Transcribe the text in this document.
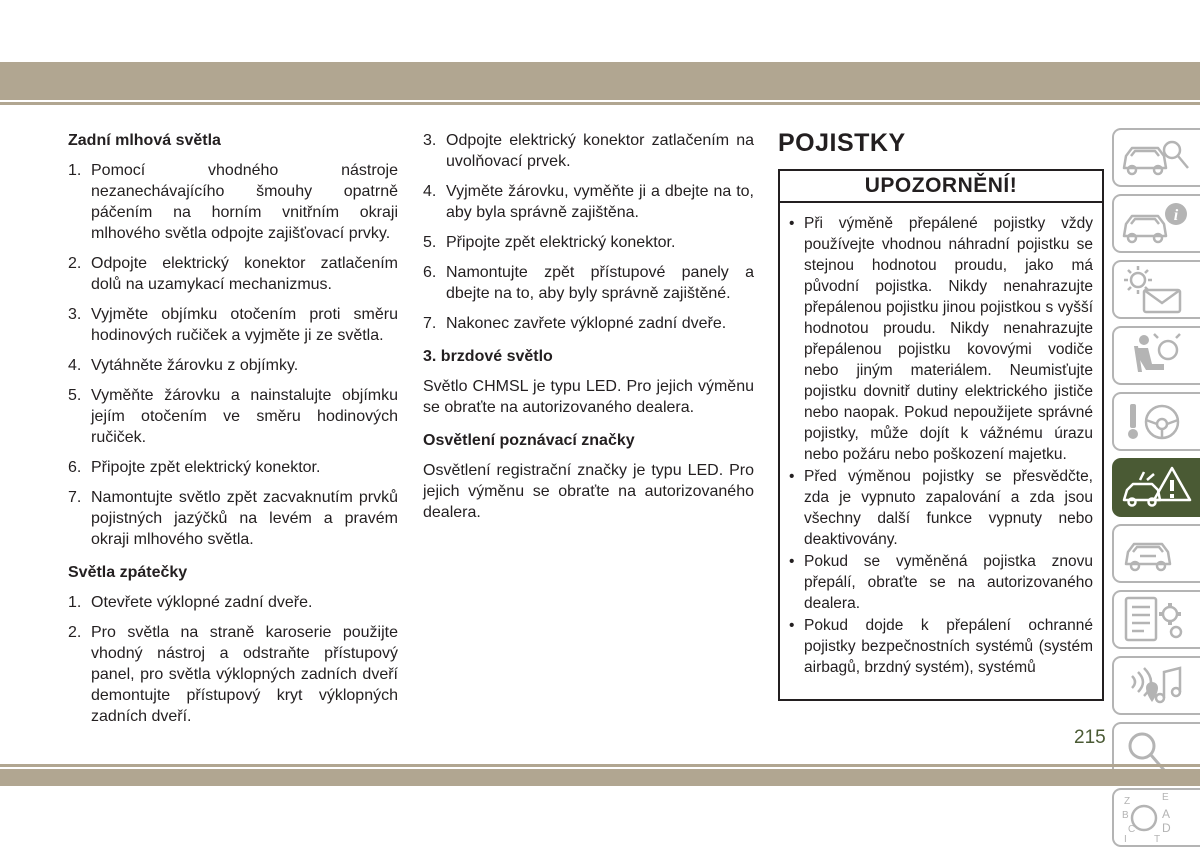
Zadní mlhová světla
1. Pomocí vhodného nástroje nezanechávajícího šmouhy opatrně páčením na horním vnitřním okraji mlhového světla odpojte zajišťovací prvky.
2. Odpojte elektrický konektor zatlačením dolů na uzamykací mechanizmus.
3. Vyjměte objímku otočením proti směru hodinových ručiček a vyjměte ji ze světla.
4. Vytáhněte žárovku z objímky.
5. Vyměňte žárovku a nainstalujte objímku jejím otočením ve směru hodinových ručiček.
6. Připojte zpět elektrický konektor.
7. Namontujte světlo zpět zacvaknutím prvků pojistných jazýčků na levém a pravém okraji mlhového světla.
Světla zpátečky
1. Otevřete výklopné zadní dveře.
2. Pro světla na straně karoserie použijte vhodný nástroj a odstraňte přístupový panel, pro světla výklopných zadních dveří demontujte přístupový kryt výklopných zadních dveří.
3. Odpojte elektrický konektor zatlačením na uvolňovací prvek.
4. Vyjměte žárovku, vyměňte ji a dbejte na to, aby byla správně zajištěna.
5. Připojte zpět elektrický konektor.
6. Namontujte zpět přístupové panely a dbejte na to, aby byly správně zajištěné.
7. Nakonec zavřete výklopné zadní dveře.
3. brzdové světlo

Světlo CHMSL je typu LED. Pro jejich výměnu se obraťte na autorizovaného dealera.

Osvětlení poznávací značky

Osvětlení registrační značky je typu LED. Pro jejich výměnu se obraťte na autorizovaného dealera.

POJISTKY
UPOZORNĚNÍ!
• Při výměně přepálené pojistky vždy používejte vhodnou náhradní pojistku se stejnou hodnotou proudu, jako má původní pojistka. Nikdy nenahrazujte přepálenou pojistku jinou pojistkou s vyšší hodnotou proudu. Nikdy nenahrazujte přepálenou pojistku kovovými vodiče nebo jiným materiálem. Neumisťujte pojistku dovnitř dutiny elektrického jističe nebo naopak. Pokud nepoužijete správné pojistky, může dojít k vážnému úrazu nebo požáru nebo poškození majetku.
• Před výměnou pojistky se přesvědčte, zda je vypnuto zapalování a zda jsou všechny další funkce vypnuty nebo deaktivovány.
• Pokud se vyměněná pojistka znovu přepálí, obraťte se na autorizovaného dealera.
• Pokud dojde k přepálení ochranné pojistky bezpečnostních systémů (systém airbagů, brzdný systém), systémů
i
Z	E
B	A
C D
I	T
215
